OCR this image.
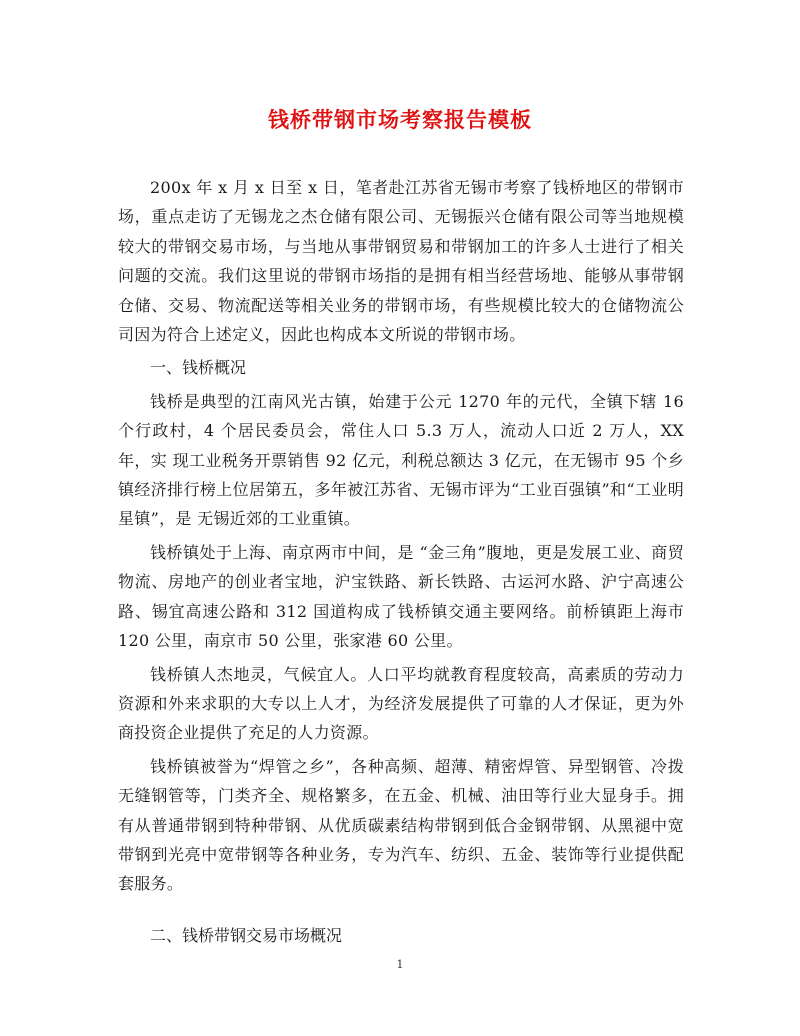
钱桥带钢市场考察报告模板

200x 年 x 月 x 日至 x 日，笔者赴江苏省无锡市考察了钱桥地区的带钢市场，重点走访了无锡龙之杰仓储有限公司、无锡振兴仓储有限公司等当地规模较大的带钢交易市场，与当地从事带钢贸易和带钢加工的许多人士进行了相关问题的交流。我们这里说的带钢市场指的是拥有相当经营场地、能够从事带钢仓储、交易、物流配送等相关业务的带钢市场，有些规模比较大的仓储物流公司因为符合上述定义，因此也构成本文所说的带钢市场。

一、钱桥概况

钱桥是典型的江南风光古镇，始建于公元 1270 年的元代，全镇下辖 16 个行政村，4 个居民委员会，常住人口 5.3 万人，流动人口近 2 万人，XX 年，实 现工业税务开票销售 92 亿元，利税总额达 3 亿元，在无锡市 95 个乡镇经济排行榜上位居第五，多年被江苏省、无锡市评为“工业百强镇”和“工业明星镇”，是 无锡近郊的工业重镇。

钱桥镇处于上海、南京两市中间，是 “金三角”腹地，更是发展工业、商贸物流、房地产的创业者宝地，沪宝铁路、新长铁路、古运河水路、沪宁高速公路、锡宜高速公路和 312 国道构成了钱桥镇交通主要网络。前桥镇距上海市 120 公里，南京市 50 公里，张家港 60 公里。

钱桥镇人杰地灵，气候宜人。人口平均就教育程度较高，高素质的劳动力资源和外来求职的大专以上人才，为经济发展提供了可靠的人才保证，更为外商投资企业提供了充足的人力资源。

钱桥镇被誉为“焊管之乡”，各种高频、超薄、精密焊管、异型钢管、冷拨无缝钢管等，门类齐全、规格繁多，在五金、机械、油田等行业大显身手。拥有从普通带钢到特种带钢、从优质碳素结构带钢到低合金钢带钢、从黑褪中宽带钢到光亮中宽带钢等各种业务，专为汽车、纺织、五金、装饰等行业提供配套服务。

二、钱桥带钢交易市场概况

1
